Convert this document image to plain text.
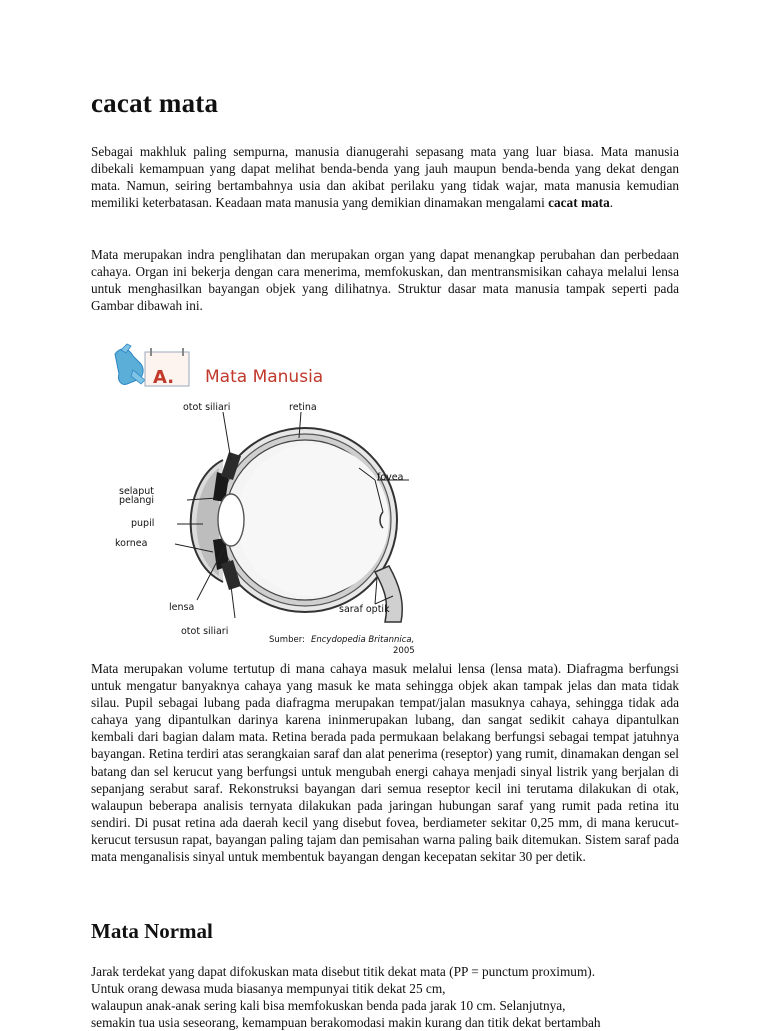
cacat mata

Sebagai makhluk paling sempurna, manusia dianugerahi sepasang mata yang luar biasa. Mata manusia dibekali kemampuan yang dapat melihat benda-benda yang jauh maupun benda-benda yang dekat dengan mata. Namun, seiring bertambahnya usia dan akibat perilaku yang tidak wajar, mata manusia kemudian memiliki keterbatasan. Keadaan mata manusia yang demikian dinamakan mengalami cacat mata.

Mata merupakan indra penglihatan dan merupakan organ yang dapat menangkap perubahan dan perbedaan cahaya. Organ ini bekerja dengan cara menerima, memfokuskan, dan mentransmisikan cahaya melalui lensa untuk menghasilkan bayangan objek yang dilihatnya. Struktur dasar mata manusia tampak seperti pada Gambar dibawah ini.

A. Mata Manusia
otot siliari	retina
fovea
selaput
pelangi
pupil
kornea
lensa
otot siliari
saraf optik
Sumber: Encydopedia Britannica,
2005

Mata merupakan volume tertutup di mana cahaya masuk melalui lensa (lensa mata). Diafragma berfungsi untuk mengatur banyaknya cahaya yang masuk ke mata sehingga objek akan tampak jelas dan mata tidak silau. Pupil sebagai lubang pada diafragma merupakan tempat/jalan masuknya cahaya, sehingga tidak ada cahaya yang dipantulkan darinya karena ininmerupakan lubang, dan sangat sedikit cahaya dipantulkan kembali dari bagian dalam mata. Retina berada pada permukaan belakang berfungsi sebagai tempat jatuhnya bayangan. Retina terdiri atas serangkaian saraf dan alat penerima (reseptor) yang rumit, dinamakan dengan sel batang dan sel kerucut yang berfungsi untuk mengubah energi cahaya menjadi sinyal listrik yang berjalan di sepanjang serabut saraf. Rekonstruksi bayangan dari semua reseptor kecil ini terutama dilakukan di otak, walaupun beberapa analisis ternyata dilakukan pada jaringan hubungan saraf yang rumit pada retina itu sendiri. Di pusat retina ada daerah kecil yang disebut fovea, berdiameter sekitar 0,25 mm, di mana kerucut-kerucut tersusun rapat, bayangan paling tajam dan pemisahan warna paling baik ditemukan. Sistem saraf pada mata menganalisis sinyal untuk membentuk bayangan dengan kecepatan sekitar 30 per detik.

Mata Normal
Jarak terdekat yang dapat difokuskan mata disebut titik dekat mata (PP = punctum proximum).
Untuk orang dewasa muda biasanya mempunyai titik dekat 25 cm,
walaupun anak-anak sering kali bisa memfokuskan benda pada jarak 10 cm. Selanjutnya,
semakin tua usia seseorang, kemampuan berakomodasi makin kurang dan titik dekat bertambah
